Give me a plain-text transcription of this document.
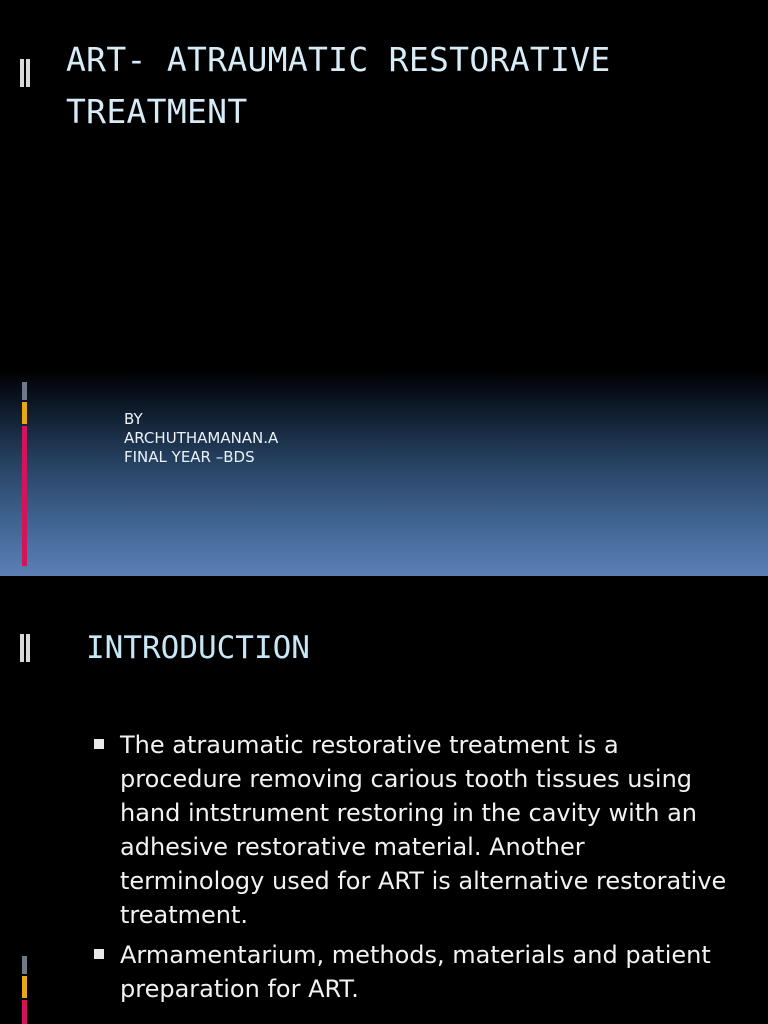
ART- ATRAUMATIC RESTORATIVE TREATMENT
BY
ARCHUTHAMANAN.A
FINAL YEAR –BDS
INTRODUCTION
The atraumatic restorative treatment is a procedure removing carious tooth tissues using hand intstrument restoring in the cavity with an adhesive restorative material. Another terminology used for ART is alternative restorative treatment.
Armamentarium, methods, materials and patient preparation for ART.
